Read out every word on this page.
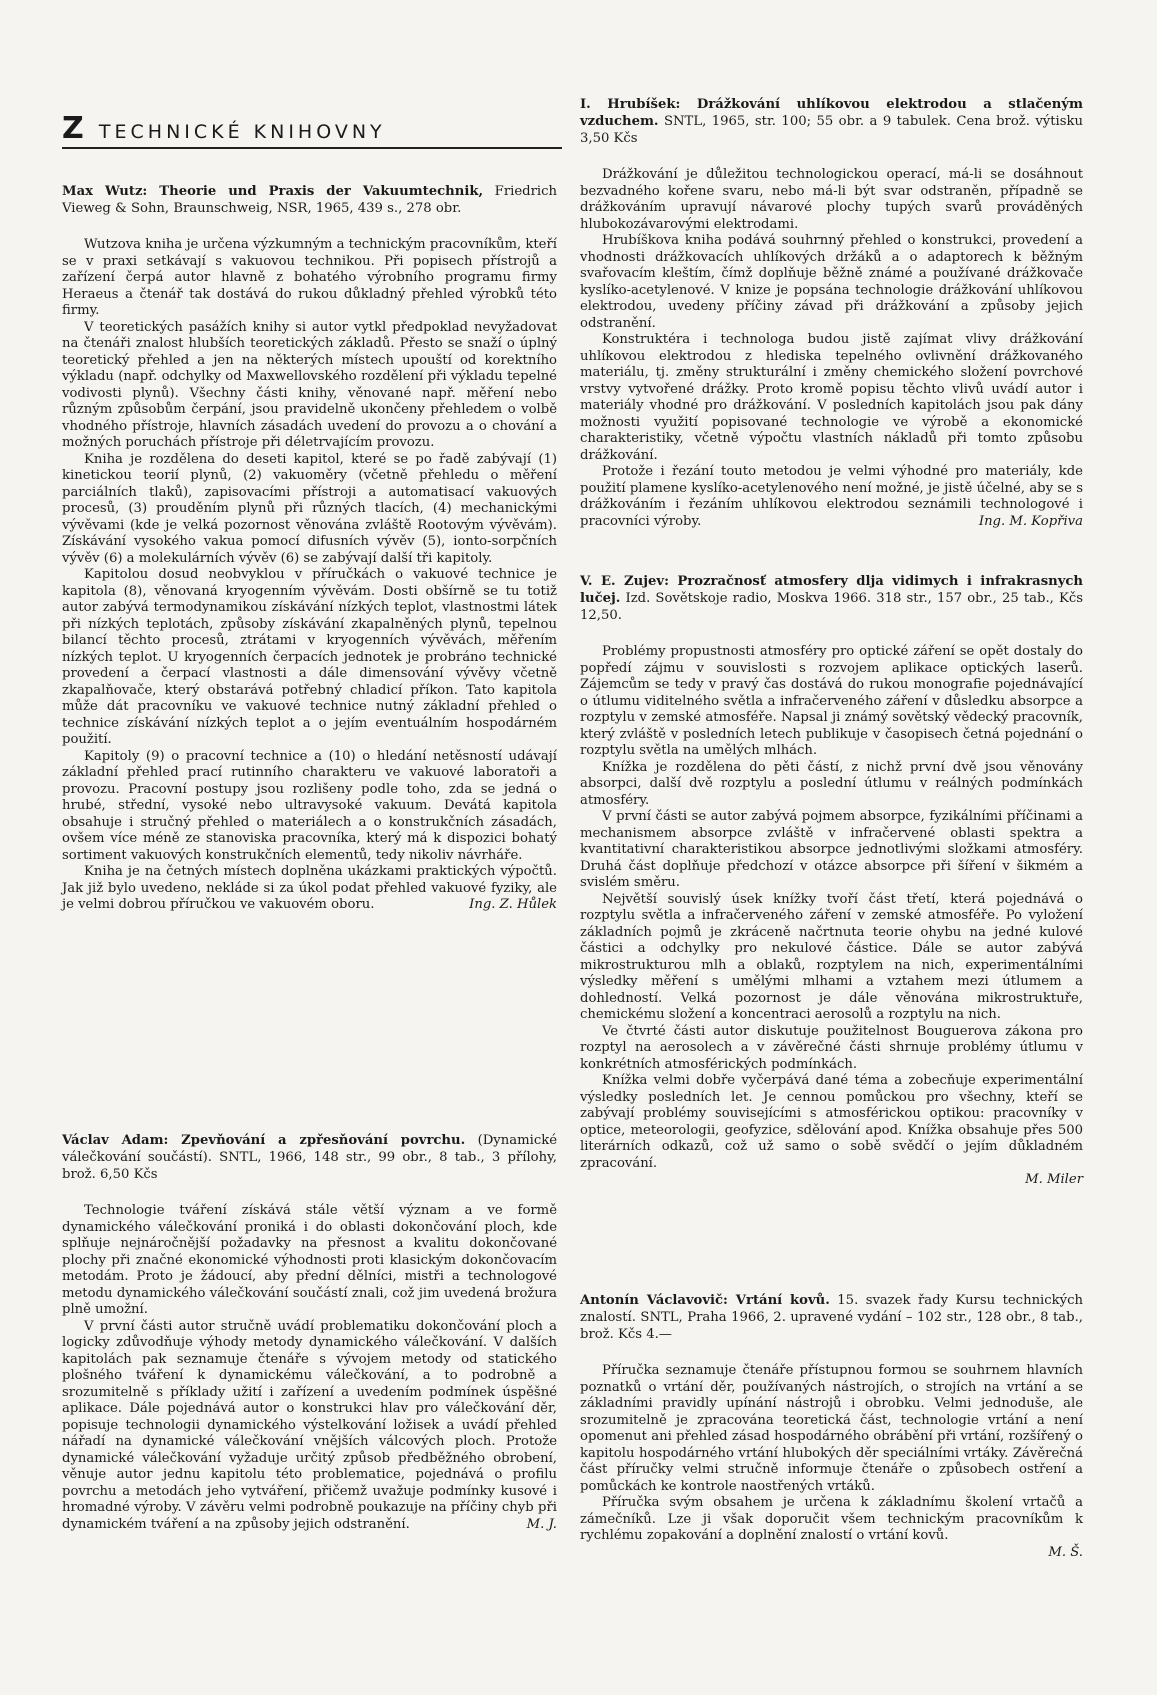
Z TECHNICKÉ KNIHOVNY

Max Wutz: Theorie und Praxis der Vakuumtechnik, Friedrich Vieweg & Sohn, Braunschweig, NSR, 1965, 439 s., 278 obr.

Wutzova kniha je určena výzkumným a technickým pracovníkům, kteří se v praxi setkávají s vakuovou technikou. Při popisech přístrojů a zařízení čerpá autor hlavně z bohatého výrobního programu firmy Heraeus a čtenář tak dostává do rukou důkladný přehled výrobků této firmy.

V teoretických pasážích knihy si autor vytkl předpoklad nevyžadovat na čtenáři znalost hlubších teoretických základů. Přesto se snaží o úplný teoretický přehled a jen na některých místech upouští od korektního výkladu (např. odchylky od Maxwellovského rozdělení při výkladu tepelné vodivosti plynů). Všechny části knihy, věnované např. měření nebo různým způsobům čerpání, jsou pravidelně ukončeny přehledem o volbě vhodného přístroje, hlavních zásadách uvedení do provozu a o chování a možných poruchách přístroje při déletrvajícím provozu.

Kniha je rozdělena do deseti kapitol, které se po řadě zabývají (1) kinetickou teorií plynů, (2) vakuoměry (včetně přehledu o měření parciálních tlaků), zapisovacími přístroji a automatisací vakuových procesů, (3) prouděním plynů při různých tlacích, (4) mechanickými vývěvami (kde je velká pozornost věnována zvláště Rootovým vývěvám). Získávání vysokého vakua pomocí difusních vývěv (5), ionto-sorpčních vývěv (6) a molekulárních vývěv (6) se zabývají další tři kapitoly.

Kapitolou dosud neobvyklou v příručkách o vakuové technice je kapitola (8), věnovaná kryogenním vývěvám. Dosti obšírně se tu totiž autor zabývá termodynamikou získávání nízkých teplot, vlastnostmi látek při nízkých teplotách, způsoby získávání zkapalněných plynů, tepelnou bilancí těchto procesů, ztrátami v kryogenních vývěvách, měřením nízkých teplot. U kryogenních čerpacích jednotek je probráno technické provedení a čerpací vlastnosti a dále dimensování vývěvy včetně zkapalňovače, který obstarává potřebný chladicí příkon. Tato kapitola může dát pracovníku ve vakuové technice nutný základní přehled o technice získávání nízkých teplot a o jejím eventuálním hospodárném použití.

Kapitoly (9) o pracovní technice a (10) o hledání netěsností udávají základní přehled prací rutinního charakteru ve vakuové laboratoři a provozu. Pracovní postupy jsou rozlišeny podle toho, zda se jedná o hrubé, střední, vysoké nebo ultravysoké vakuum. Devátá kapitola obsahuje i stručný přehled o materiálech a o konstrukčních zásadách, ovšem více méně ze stanoviska pracovníka, který má k dispozici bohatý sortiment vakuových konstrukčních elementů, tedy nikoliv návrháře.

Kniha je na četných místech doplněna ukázkami praktických výpočtů. Jak již bylo uvedeno, nekláde si za úkol podat přehled vakuové fyziky, ale je velmi dobrou příručkou ve vakuovém oboru.	Ing. Z. Hůlek

Václav Adam: Zpevňování a zpřesňování povrchu. (Dynamické válečkování součástí). SNTL, 1966, 148 str., 99 obr., 8 tab., 3 přílohy, brož. 6,50 Kčs

Technologie tváření získává stále větší význam a ve formě dynamického válečkování proniká i do oblasti dokončování ploch, kde splňuje nejnáročnější požadavky na přesnost a kvalitu dokončované plochy při značné ekonomické výhodnosti proti klasickým dokončovacím metodám. Proto je žádoucí, aby přední dělníci, mistři a technologové metodu dynamického válečkování součástí znali, což jim uvedená brožura plně umožní.

V první části autor stručně uvádí problematiku dokončování ploch a logicky zdůvodňuje výhody metody dynamického válečkování. V dalších kapitolách pak seznamuje čtenáře s vývojem metody od statického plošného tváření k dynamickému válečkování, a to podrobně a srozumitelně s příklady užití i zařízení a uvedením podmínek úspěšné aplikace. Dále pojednává autor o konstrukci hlav pro válečkování děr, popisuje technologii dynamického výstelkování ložisek a uvádí přehled nářadí na dynamické válečkování vnějších válcových ploch. Protože dynamické válečkování vyžaduje určitý způsob předběžného obrobení, věnuje autor jednu kapitolu této problematice, pojednává o profilu povrchu a metodách jeho vytváření, přičemž uvažuje podmínky kusové i hromadné výroby. V závěru velmi podrobně poukazuje na příčiny chyb při dynamickém tváření a na způsoby jejich odstranění.	M. J.

I. Hrubíšek: Drážkování uhlíkovou elektrodou a stlačeným vzduchem. SNTL, 1965, str. 100; 55 obr. a 9 tabulek. Cena brož. výtisku 3,50 Kčs

Drážkování je důležitou technologickou operací, má-li se dosáhnout bezvadného kořene svaru, nebo má-li být svar odstraněn, případně se drážkováním upravují návarové plochy tupých svarů prováděných hlubokozávarovými elektrodami.

Hrubíškova kniha podává souhrnný přehled o konstrukci, provedení a vhodnosti drážkovacích uhlíkových držáků a o adaptorech k běžným svařovacím kleštím, čímž doplňuje běžně známé a používané drážkovače kyslíko-acetylenové. V knize je popsána technologie drážkování uhlíkovou elektrodou, uvedeny příčiny závad při drážkování a způsoby jejich odstranění.

Konstruktéra i technologa budou jistě zajímat vlivy drážkování uhlíkovou elektrodou z hlediska tepelného ovlivnění drážkovaného materiálu, tj. změny strukturální i změny chemického složení povrchové vrstvy vytvořené drážky. Proto kromě popisu těchto vlivů uvádí autor i materiály vhodné pro drážkování. V posledních kapitolách jsou pak dány možnosti využití popisované technologie ve výrobě a ekonomické charakteristiky, včetně výpočtu vlastních nákladů při tomto způsobu drážkování.

Protože i řezání touto metodou je velmi výhodné pro materiály, kde použití plamene kyslíko-acetylenového není možné, je jistě účelné, aby se s drážkováním i řezáním uhlíkovou elektrodou seznámili technologové i pracovníci výroby.	Ing. M. Kopřiva

V. E. Zujev: Prozračnosť atmosfery dlja vidimych i infrakrasnych lučej. Izd. Sovětskoje radio, Moskva 1966. 318 str., 157 obr., 25 tab., Kčs 12,50.

Problémy propustnosti atmosféry pro optické záření se opět dostaly do popředí zájmu v souvislosti s rozvojem aplikace optických laserů. Zájemcům se tedy v pravý čas dostává do rukou monografie pojednávající o útlumu viditelného světla a infračerveného záření v důsledku absorpce a rozptylu v zemské atmosféře. Napsal ji známý sovětský vědecký pracovník, který zvláště v posledních letech publikuje v časopisech četná pojednání o rozptylu světla na umělých mlhách.

Knížka je rozdělena do pěti částí, z nichž první dvě jsou věnovány absorpci, další dvě rozptylu a poslední útlumu v reálných podmínkách atmosféry.

V první části se autor zabývá pojmem absorpce, fyzikálními příčinami a mechanismem absorpce zvláště v infračervené oblasti spektra a kvantitativní charakteristikou absorpce jednotlivými složkami atmosféry. Druhá část doplňuje předchozí v otázce absorpce při šíření v šikmém a svislém směru.

Největší souvislý úsek knížky tvoří část třetí, která pojednává o rozptylu světla a infračerveného záření v zemské atmosféře. Po vyložení základních pojmů je zkráceně načrtnuta teorie ohybu na jedné kulové částici a odchylky pro nekulové částice. Dále se autor zabývá mikrostrukturou mlh a oblaků, rozptylem na nich, experimentálními výsledky měření s umělými mlhami a vztahem mezi útlumem a dohledností. Velká pozornost je dále věnována mikrostruktuře, chemickému složení a koncentraci aerosolů a rozptylu na nich.

Ve čtvrté části autor diskutuje použitelnost Bouguerova zákona pro rozptyl na aerosolech a v závěrečné části shrnuje problémy útlumu v konkrétních atmosférických podmínkách.

Knížka velmi dobře vyčerpává dané téma a zobecňuje experimentální výsledky posledních let. Je cennou pomůckou pro všechny, kteří se zabývají problémy souvisejícími s atmosférickou optikou: pracovníky v optice, meteorologii, geofyzice, sdělování apod. Knížka obsahuje přes 500 literárních odkazů, což už samo o sobě svědčí o jejím důkladném zpracování.

M. Miler

Antonín Václavovič: Vrtání kovů. 15. svazek řady Kursu technických znalostí. SNTL, Praha 1966, 2. upravené vydání – 102 str., 128 obr., 8 tab., brož. Kčs 4.—

Příručka seznamuje čtenáře přístupnou formou se souhrnem hlavních poznatků o vrtání děr, používaných nástrojích, o strojích na vrtání a se základními pravidly upínání nástrojů i obrobku. Velmi jednoduše, ale srozumitelně je zpracována teoretická část, technologie vrtání a není opomenut ani přehled zásad hospodárného obrábění při vrtání, rozšířený o kapitolu hospodárného vrtání hlubokých děr speciálními vrtáky. Závěrečná část příručky velmi stručně informuje čtenáře o způsobech ostření a pomůckách ke kontrole naostřených vrtáků.

Příručka svým obsahem je určena k základnímu školení vrtačů a zámečníků. Lze ji však doporučit všem technickým pracovníkům k rychlému zopakování a doplnění znalostí o vrtání kovů.

M. Š.
